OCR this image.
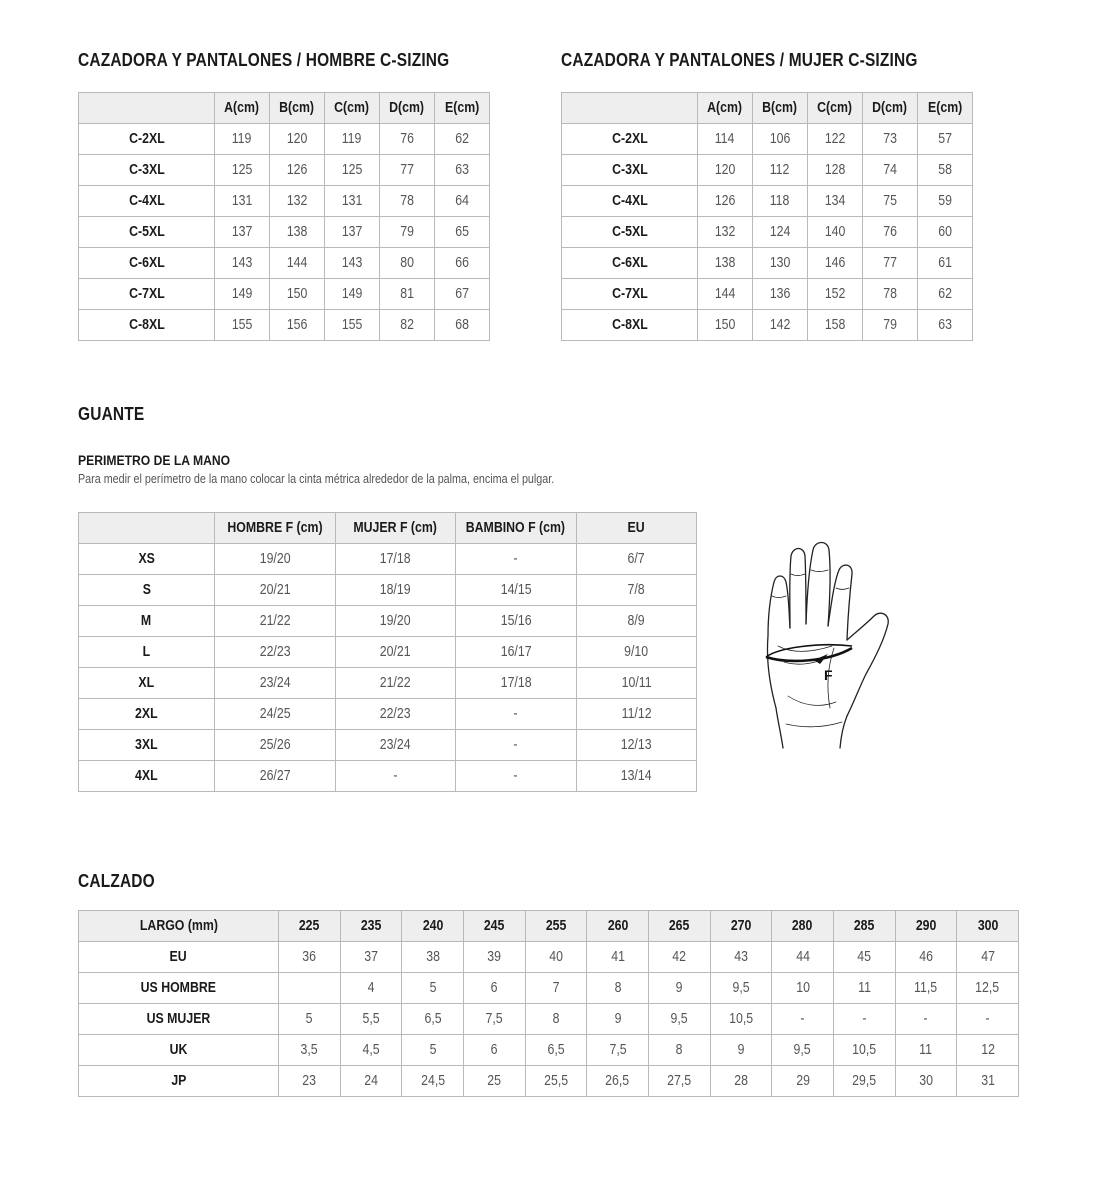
CAZADORA Y PANTALONES / HOMBRE C-SIZING
	A(cm)	B(cm)	C(cm)	D(cm)	E(cm)
C-2XL	119	120	119	76	62
C-3XL	125	126	125	77	63
C-4XL	131	132	131	78	64
C-5XL	137	138	137	79	65
C-6XL	143	144	143	80	66
C-7XL	149	150	149	81	67
C-8XL	155	156	155	82	68
CAZADORA Y PANTALONES / MUJER C-SIZING
	A(cm)	B(cm)	C(cm)	D(cm)	E(cm)
C-2XL	114	106	122	73	57
C-3XL	120	112	128	74	58
C-4XL	126	118	134	75	59
C-5XL	132	124	140	76	60
C-6XL	138	130	146	77	61
C-7XL	144	136	152	78	62
C-8XL	150	142	158	79	63
GUANTE
PERIMETRO DE LA MANO
Para medir el perímetro de la mano colocar la cinta métrica alrededor de la palma, encima el pulgar.
	HOMBRE F (cm)	MUJER F (cm)	BAMBINO F (cm)	EU
XS	19/20	17/18	-	6/7
S	20/21	18/19	14/15	7/8
M	21/22	19/20	15/16	8/9
L	22/23	20/21	16/17	9/10
XL	23/24	21/22	17/18	10/11
2XL	24/25	22/23	-	11/12
3XL	25/26	23/24	-	12/13
4XL	26/27	-	-	13/14
F
CALZADO
LARGO (mm)	225	235	240	245	255	260	265	270	280	285	290	300
EU	36	37	38	39	40	41	42	43	44	45	46	47
US HOMBRE		4	5	6	7	8	9	9,5	10	11	11,5	12,5
US MUJER	5	5,5	6,5	7,5	8	9	9,5	10,5	-	-	-	-
UK	3,5	4,5	5	6	6,5	7,5	8	9	9,5	10,5	11	12
JP	23	24	24,5	25	25,5	26,5	27,5	28	29	29,5	30	31
